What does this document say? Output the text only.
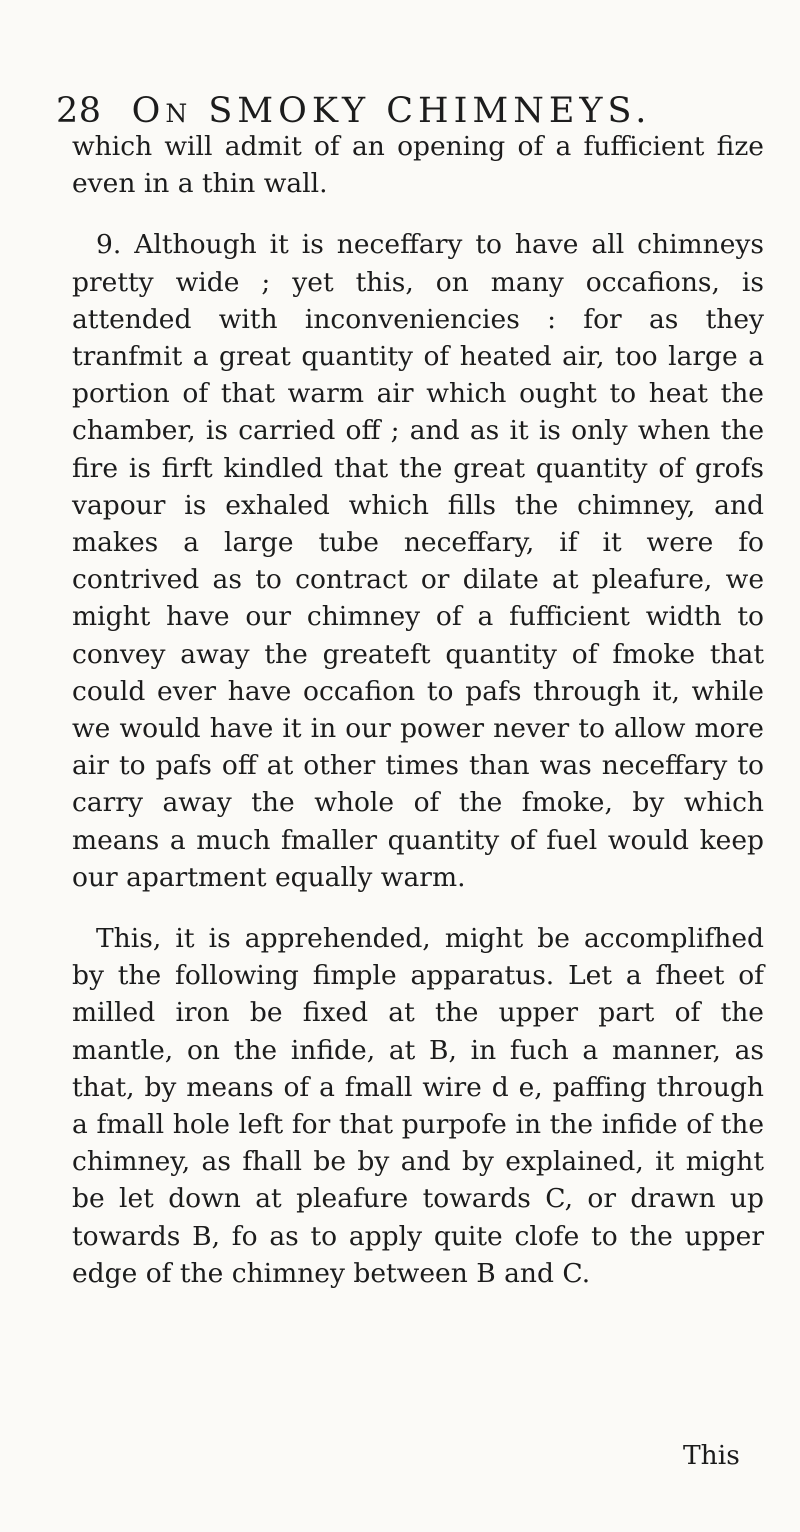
28 On SMOKY CHIMNEYS.

which will admit of an opening of a fufficient fize even in a thin wall.

9. Although it is neceffary to have all chimneys pretty wide ; yet this, on many occafions, is attended with inconveniencies : for as they tranfmit a great quantity of heated air, too large a portion of that warm air which ought to heat the chamber, is carried off ; and as it is only when the fire is firft kindled that the great quantity of grofs vapour is exhaled which fills the chimney, and makes a large tube neceffary, if it were fo contrived as to contract or dilate at pleafure, we might have our chimney of a fufficient width to convey away the greateft quantity of fmoke that could ever have occafion to pafs through it, while we would have it in our power never to allow more air to pafs off at other times than was neceffary to carry away the whole of the fmoke, by which means a much fmaller quantity of fuel would keep our apartment equally warm.

This, it is apprehended, might be accomplifhed by the following fimple apparatus. Let a fheet of milled iron be fixed at the upper part of the mantle, on the infide, at B, in fuch a manner, as that, by means of a fmall wire d e, paffing through a fmall hole left for that purpofe in the infide of the chimney, as fhall be by and by explained, it might be let down at pleafure towards C, or drawn up towards B, fo as to apply quite clofe to the upper edge of the chimney between B and C.

This
